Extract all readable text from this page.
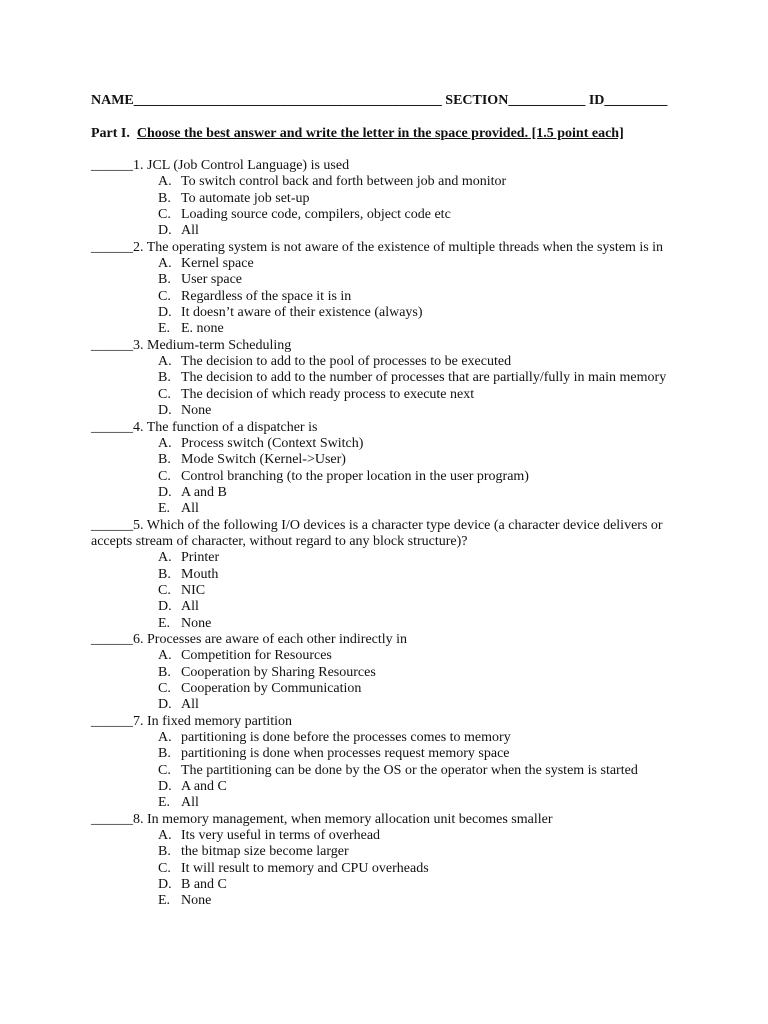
NAME____________________________________________ SECTION___________ ID_________
Part I. Choose the best answer and write the letter in the space provided. [1.5 point each]
______1. JCL (Job Control Language) is used
A. To switch control back and forth between job and monitor
B. To automate job set-up
C. Loading source code, compilers, object code etc
D. All
______2. The operating system is not aware of the existence of multiple threads when the system is in
A. Kernel space
B. User space
C. Regardless of the space it is in
D. It doesn’t aware of their existence (always)
E. E. none
______3. Medium-term Scheduling
A. The decision to add to the pool of processes to be executed
B. The decision to add to the number of processes that are partially/fully in main memory
C. The decision of which ready process to execute next
D. None
______4. The function of a dispatcher is
A. Process switch (Context Switch)
B. Mode Switch (Kernel->User)
C. Control branching (to the proper location in the user program)
D. A and B
E. All
______5. Which of the following I/O devices is a character type device (a character device delivers or accepts stream of character, without regard to any block structure)?
A. Printer
B. Mouth
C. NIC
D. All
E. None
______6. Processes are aware of each other indirectly in
A. Competition for Resources
B. Cooperation by Sharing Resources
C. Cooperation by Communication
D. All
______7. In fixed memory partition
A. partitioning is done before the processes comes to memory
B. partitioning is done when processes request memory space
C. The partitioning can be done by the OS or the operator when the system is started
D. A and C
E. All
______8. In memory management, when memory allocation unit becomes smaller
A. Its very useful in terms of overhead
B. the bitmap size become larger
C. It will result to memory and CPU overheads
D. B and C
E. None
